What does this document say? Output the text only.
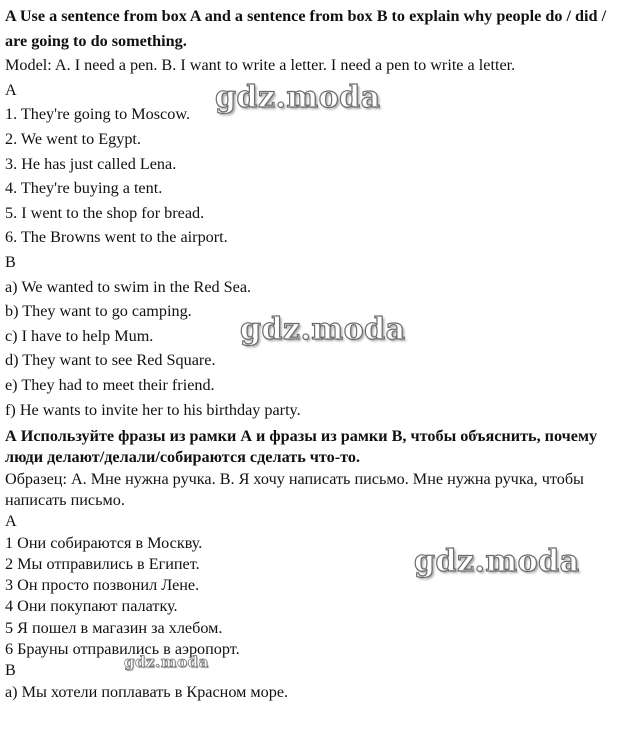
A Use a sentence from box A and a sentence from box B to explain why people do / did / are going to do something.
Model: A. I need a pen. B. I want to write a letter. I need a pen to write a letter.
A
1. They're going to Moscow.
2. We went to Egypt.
3. He has just called Lena.
4. They're buying a tent.
5. I went to the shop for bread.
6. The Browns went to the airport.
B
a) We wanted to swim in the Red Sea.
b) They want to go camping.
c) I have to help Mum.
d) They want to see Red Square.
e) They had to meet their friend.
f) He wants to invite her to his birthday party.
А Используйте фразы из рамки А и фразы из рамки В, чтобы объяснить, почему люди делают/делали/собираются сделать что-то.
Образец: А. Мне нужна ручка. В. Я хочу написать письмо. Мне нужна ручка, чтобы написать письмо.
А
1 Они собираются в Москву.
2 Мы отправились в Египет.
3 Он просто позвонил Лене.
4 Они покупают палатку.
5 Я пошел в магазин за хлебом.
6 Брауны отправились в аэропорт.
В
а) Мы хотели поплавать в Красном море.
gdz.moda
gdz.moda
gdz.moda
gdz.moda
